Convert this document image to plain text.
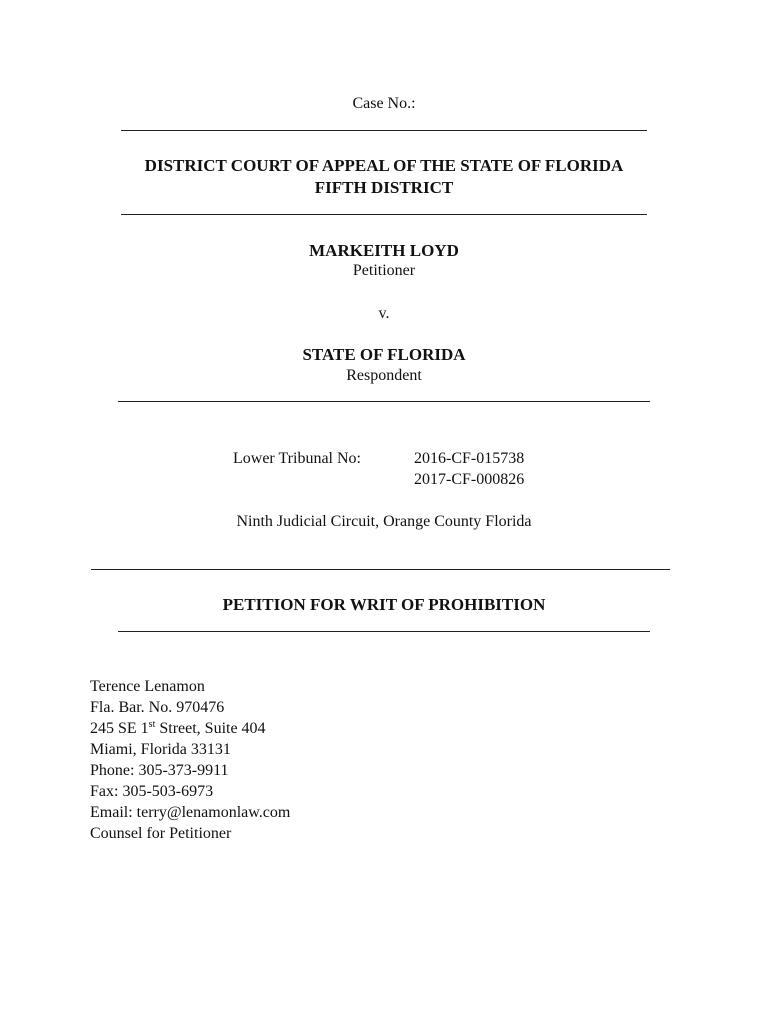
Case No.:
DISTRICT COURT OF APPEAL OF THE STATE OF FLORIDA
FIFTH DISTRICT
MARKEITH LOYD
Petitioner
v.
STATE OF FLORIDA
Respondent
Lower Tribunal No:	2016-CF-015738
2017-CF-000826
Ninth Judicial Circuit, Orange County Florida
PETITION FOR WRIT OF PROHIBITION
Terence Lenamon
Fla. Bar. No. 970476
245 SE 1st Street, Suite 404
Miami, Florida 33131
Phone: 305-373-9911
Fax: 305-503-6973
Email: terry@lenamonlaw.com
Counsel for Petitioner
